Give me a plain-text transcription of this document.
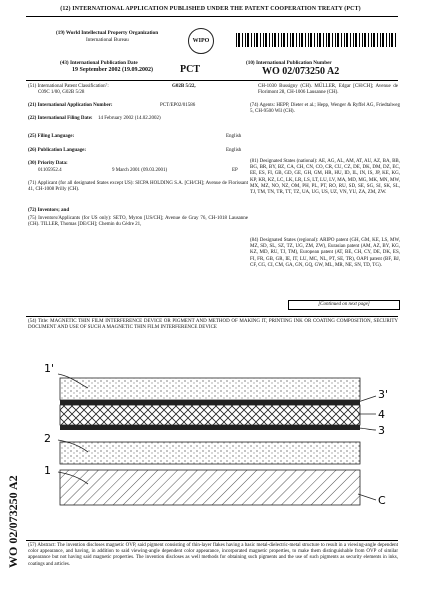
(12) INTERNATIONAL APPLICATION PUBLISHED UNDER THE PATENT COOPERATION TREATY (PCT)
(19) World Intellectual Property Organization
International Bureau	WIPO
(43) International Publication Date
19 September 2002 (19.09.2002)	PCT
(10) International Publication Number
WO 02/073250 A2
(51) International Patent Classification⁷:	G02B 5/22,
C09C 1/00, G02B 5/28
(21) International Application Number:	PCT/EP02/01586
(22) International Filing Date: 14 February 2002 (14.02.2002)
(25) Filing Language:	English
(26) Publication Language:	English
(30) Priority Data:
01105952.4	9 March 2001 (09.03.2001)	EP
(71) Applicant (for all designated States except US): SICPA HOLDING S.A. [CH/CH]; Avenue de Florissant 41, CH-1008 Prilly (CH).
(72) Inventors; and
(75) Inventors/Applicants (for US only): SETO, Myron [US/CH]; Avenue de Gray 76, CH-1018 Lausanne (CH). TILLER, Thomas [DE/CH]; Chemin du Cèdre 21,
CH-1030 Bussigny (CH). MÜLLER, Edgar [CH/CH]; Avenue de Florimont 28, CH-1006 Lausanne (CH).
(74) Agents: HEPP, Dieter et al.; Hepp, Wenger & Ryffel AG, Friedtalweg 5, CH-9500 Wil (CH).
(81) Designated States (national): AE, AG, AL, AM, AT, AU, AZ, BA, BB, BG, BR, BY, BZ, CA, CH, CN, CO, CR, CU, CZ, DE, DK, DM, DZ, EC, EE, ES, FI, GB, GD, GE, GH, GM, HR, HU, ID, IL, IN, IS, JP, KE, KG, KP, KR, KZ, LC, LK, LR, LS, LT, LU, LV, MA, MD, MG, MK, MN, MW, MX, MZ, NO, NZ, OM, PH, PL, PT, RO, RU, SD, SE, SG, SI, SK, SL, TJ, TM, TN, TR, TT, TZ, UA, UG, US, UZ, VN, YU, ZA, ZM, ZW.
(84) Designated States (regional): ARIPO patent (GH, GM, KE, LS, MW, MZ, SD, SL, SZ, TZ, UG, ZM, ZW), Eurasian patent (AM, AZ, BY, KG, KZ, MD, RU, TJ, TM), European patent (AT, BE, CH, CY, DE, DK, ES, FI, FR, GB, GR, IE, IT, LU, MC, NL, PT, SE, TR), OAPI patent (BF, BJ, CF, CG, CI, CM, GA, GN, GQ, GW, ML, MR, NE, SN, TD, TG).
[Continued on next page]
(54) Title: MAGNETIC THIN FILM INTERFERENCE DEVICE OR PIGMENT AND METHOD OF MAKING IT, PRINTING INK OR COATING COMPOSITION, SECURITY DOCUMENT AND USE OF SUCH A MAGNETIC THIN FILM INTERFERENCE DEVICE
1'
2
1
3'
4
3
C
WO 02/073250 A2 (57) Abstract: The invention discloses magnetic OVP, said pigment consisting of thin-layer flakes having a basic metal-dielectric-metal structure to result in a viewing-angle dependent color appearance, and having, in addition to said viewing-angle dependent color appearance, incorporated magnetic properties, to make them distinguishable from OVP of similar appearance but not having said magnetic properties. The invention discloses as well methods for obtaining such pigments and the use of such pigments as security elements in inks, coatings and articles.
